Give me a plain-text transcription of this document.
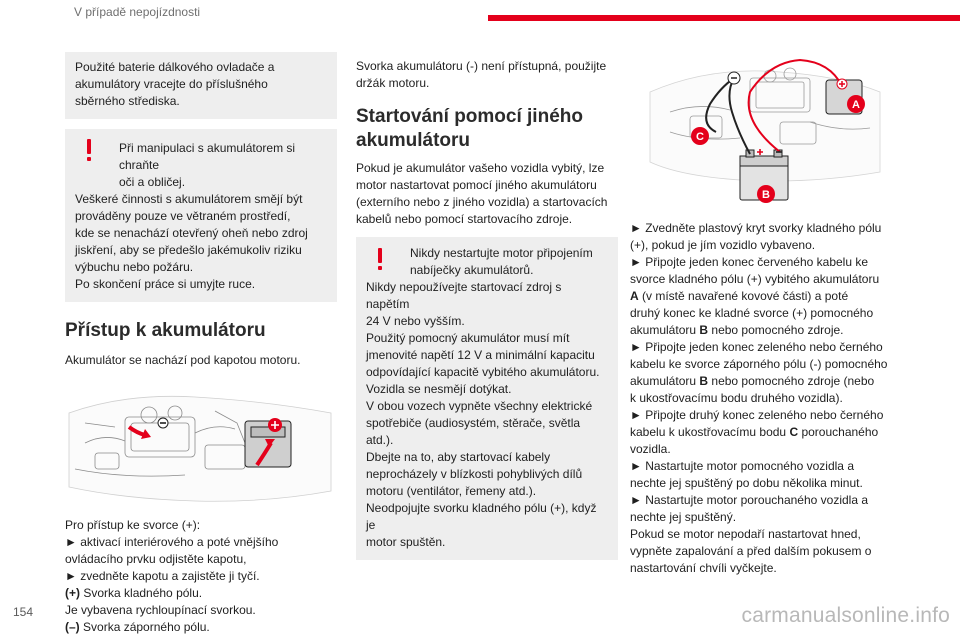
V případě nepojízdnosti

Použité baterie dálkového ovladače a

akumulátory vracejte do příslušného

sběrného střediska.

Při manipulaci s akumulátorem si chraňte

oči a obličej.

Veškeré činnosti s akumulátorem smějí být

prováděny pouze ve větraném prostředí,

kde se nenachází otevřený oheň nebo zdroj

jiskření, aby se předešlo jakémukoliv riziku

výbuchu nebo požáru.

Po skončení práce si umyjte ruce.

Přístup k akumulátoru

Akumulátor se nachází pod kapotou motoru.

Pro přístup ke svorce (+):

► aktivací interiérového a poté vnějšího

ovládacího prvku odjistěte kapotu,

► zvedněte kapotu a zajistěte ji tyčí.

(+) Svorka kladného pólu.

Je vybavena rychloupínací svorkou.

(–) Svorka záporného pólu.

Svorka akumulátoru (-) není přístupná, použijte

držák motoru.

Startování pomocí jiného
akumulátoru

Pokud je akumulátor vašeho vozidla vybitý, lze

motor nastartovat pomocí jiného akumulátoru

(externího nebo z jiného vozidla) a startovacích

kabelů nebo pomocí startovacího zdroje.

Nikdy nestartujte motor připojením

nabíječky akumulátorů.

Nikdy nepoužívejte startovací zdroj s napětím

24 V nebo vyšším.

Použitý pomocný akumulátor musí mít

jmenovité napětí 12 V a minimální kapacitu

odpovídající kapacitě vybitého akumulátoru.

Vozidla se nesmějí dotýkat.

V obou vozech vypněte všechny elektrické

spotřebiče (audiosystém, stěrače, světla atd.).

Dbejte na to, aby startovací kabely

neprocházely v blízkosti pohyblivých dílů

motoru (ventilátor, řemeny atd.).

Neodpojujte svorku kladného pólu (+), když je

motor spuštěn.

A
B
C

► Zvedněte plastový kryt svorky kladného pólu

(+), pokud je jím vozidlo vybaveno.

► Připojte jeden konec červeného kabelu ke

svorce kladného pólu (+) vybitého akumulátoru

A (v místě navařené kovové části) a poté

druhý konec ke kladné svorce (+) pomocného

akumulátoru B nebo pomocného zdroje.

► Připojte jeden konec zeleného nebo černého

kabelu ke svorce záporného pólu (-) pomocného

akumulátoru B nebo pomocného zdroje (nebo

k ukostřovacímu bodu druhého vozidla).

► Připojte druhý konec zeleného nebo černého

kabelu k ukostřovacímu bodu C porouchaného

vozidla.

► Nastartujte motor pomocného vozidla a

nechte jej spuštěný po dobu několika minut.

► Nastartujte motor porouchaného vozidla a

nechte jej spuštěný.

Pokud se motor nepodaří nastartovat hned,

vypněte zapalování a před dalším pokusem o

nastartování chvíli vyčkejte.

154	carmanualsonline.info
